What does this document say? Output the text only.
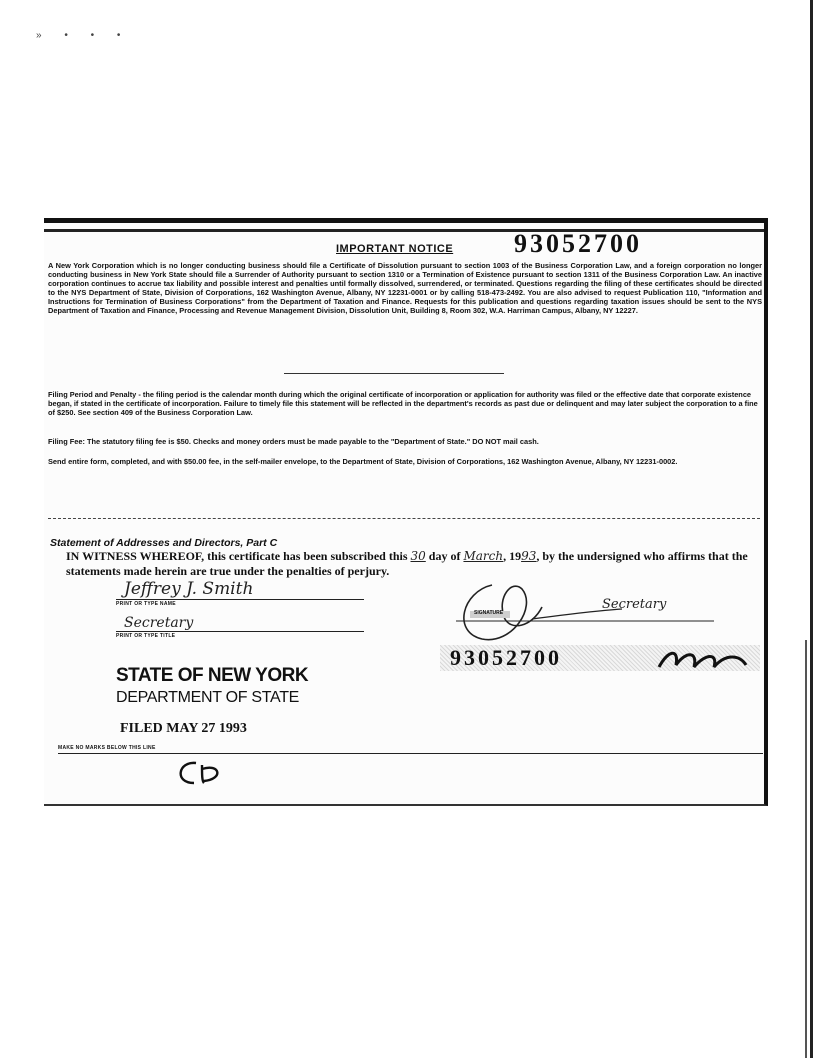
» • • •
93052700
IMPORTANT NOTICE

A New York Corporation which is no longer conducting business should file a Certificate of Dissolution pursuant to section 1003 of the Business Corporation Law, and a foreign corporation no longer conducting business in New York State should file a Surrender of Authority pursuant to section 1310 or a Termination of Existence pursuant to section 1311 of the Business Corporation Law. An inactive corporation continues to accrue tax liability and possible interest and penalties until formally dissolved, surrendered, or terminated. Questions regarding the filing of these certificates should be directed to the NYS Department of State, Division of Corporations, 162 Washington Avenue, Albany, NY 12231-0001 or by calling 518-473-2492. You are also advised to request Publication 110, "Information and Instructions for Termination of Business Corporations" from the Department of Taxation and Finance. Requests for this publication and questions regarding taxation issues should be sent to the NYS Department of Taxation and Finance, Processing and Revenue Management Division, Dissolution Unit, Building 8, Room 302, W.A. Harriman Campus, Albany, NY 12227.

Filing Period and Penalty - the filing period is the calendar month during which the original certificate of incorporation or application for authority was filed or the effective date that corporate existence began, if stated in the certificate of incorporation. Failure to timely file this statement will be reflected in the department's records as past due or delinquent and may later subject the corporation to a fine of $250. See section 409 of the Business Corporation Law.

Filing Fee: The statutory filing fee is $50. Checks and money orders must be made payable to the "Department of State." DO NOT mail cash.

Send entire form, completed, and with $50.00 fee, in the self-mailer envelope, to the Department of State, Division of Corporations, 162 Washington Avenue, Albany, NY 12231-0002.

Statement of Addresses and Directors, Part C

IN WITNESS WHEREOF, this certificate has been subscribed this 30 day of March, 1993, by the undersigned who affirms that the statements made herein are true under the penalties of perjury.

Jeffrey J. Smith
PRINT OR TYPE NAME
Secretary
PRINT OR TYPE TITLE
SIGNATURE
Secretary
93052700

STATE OF NEW YORK

DEPARTMENT OF STATE

FILED MAY 27 1993

MAKE NO MARKS BELOW THIS LINE
